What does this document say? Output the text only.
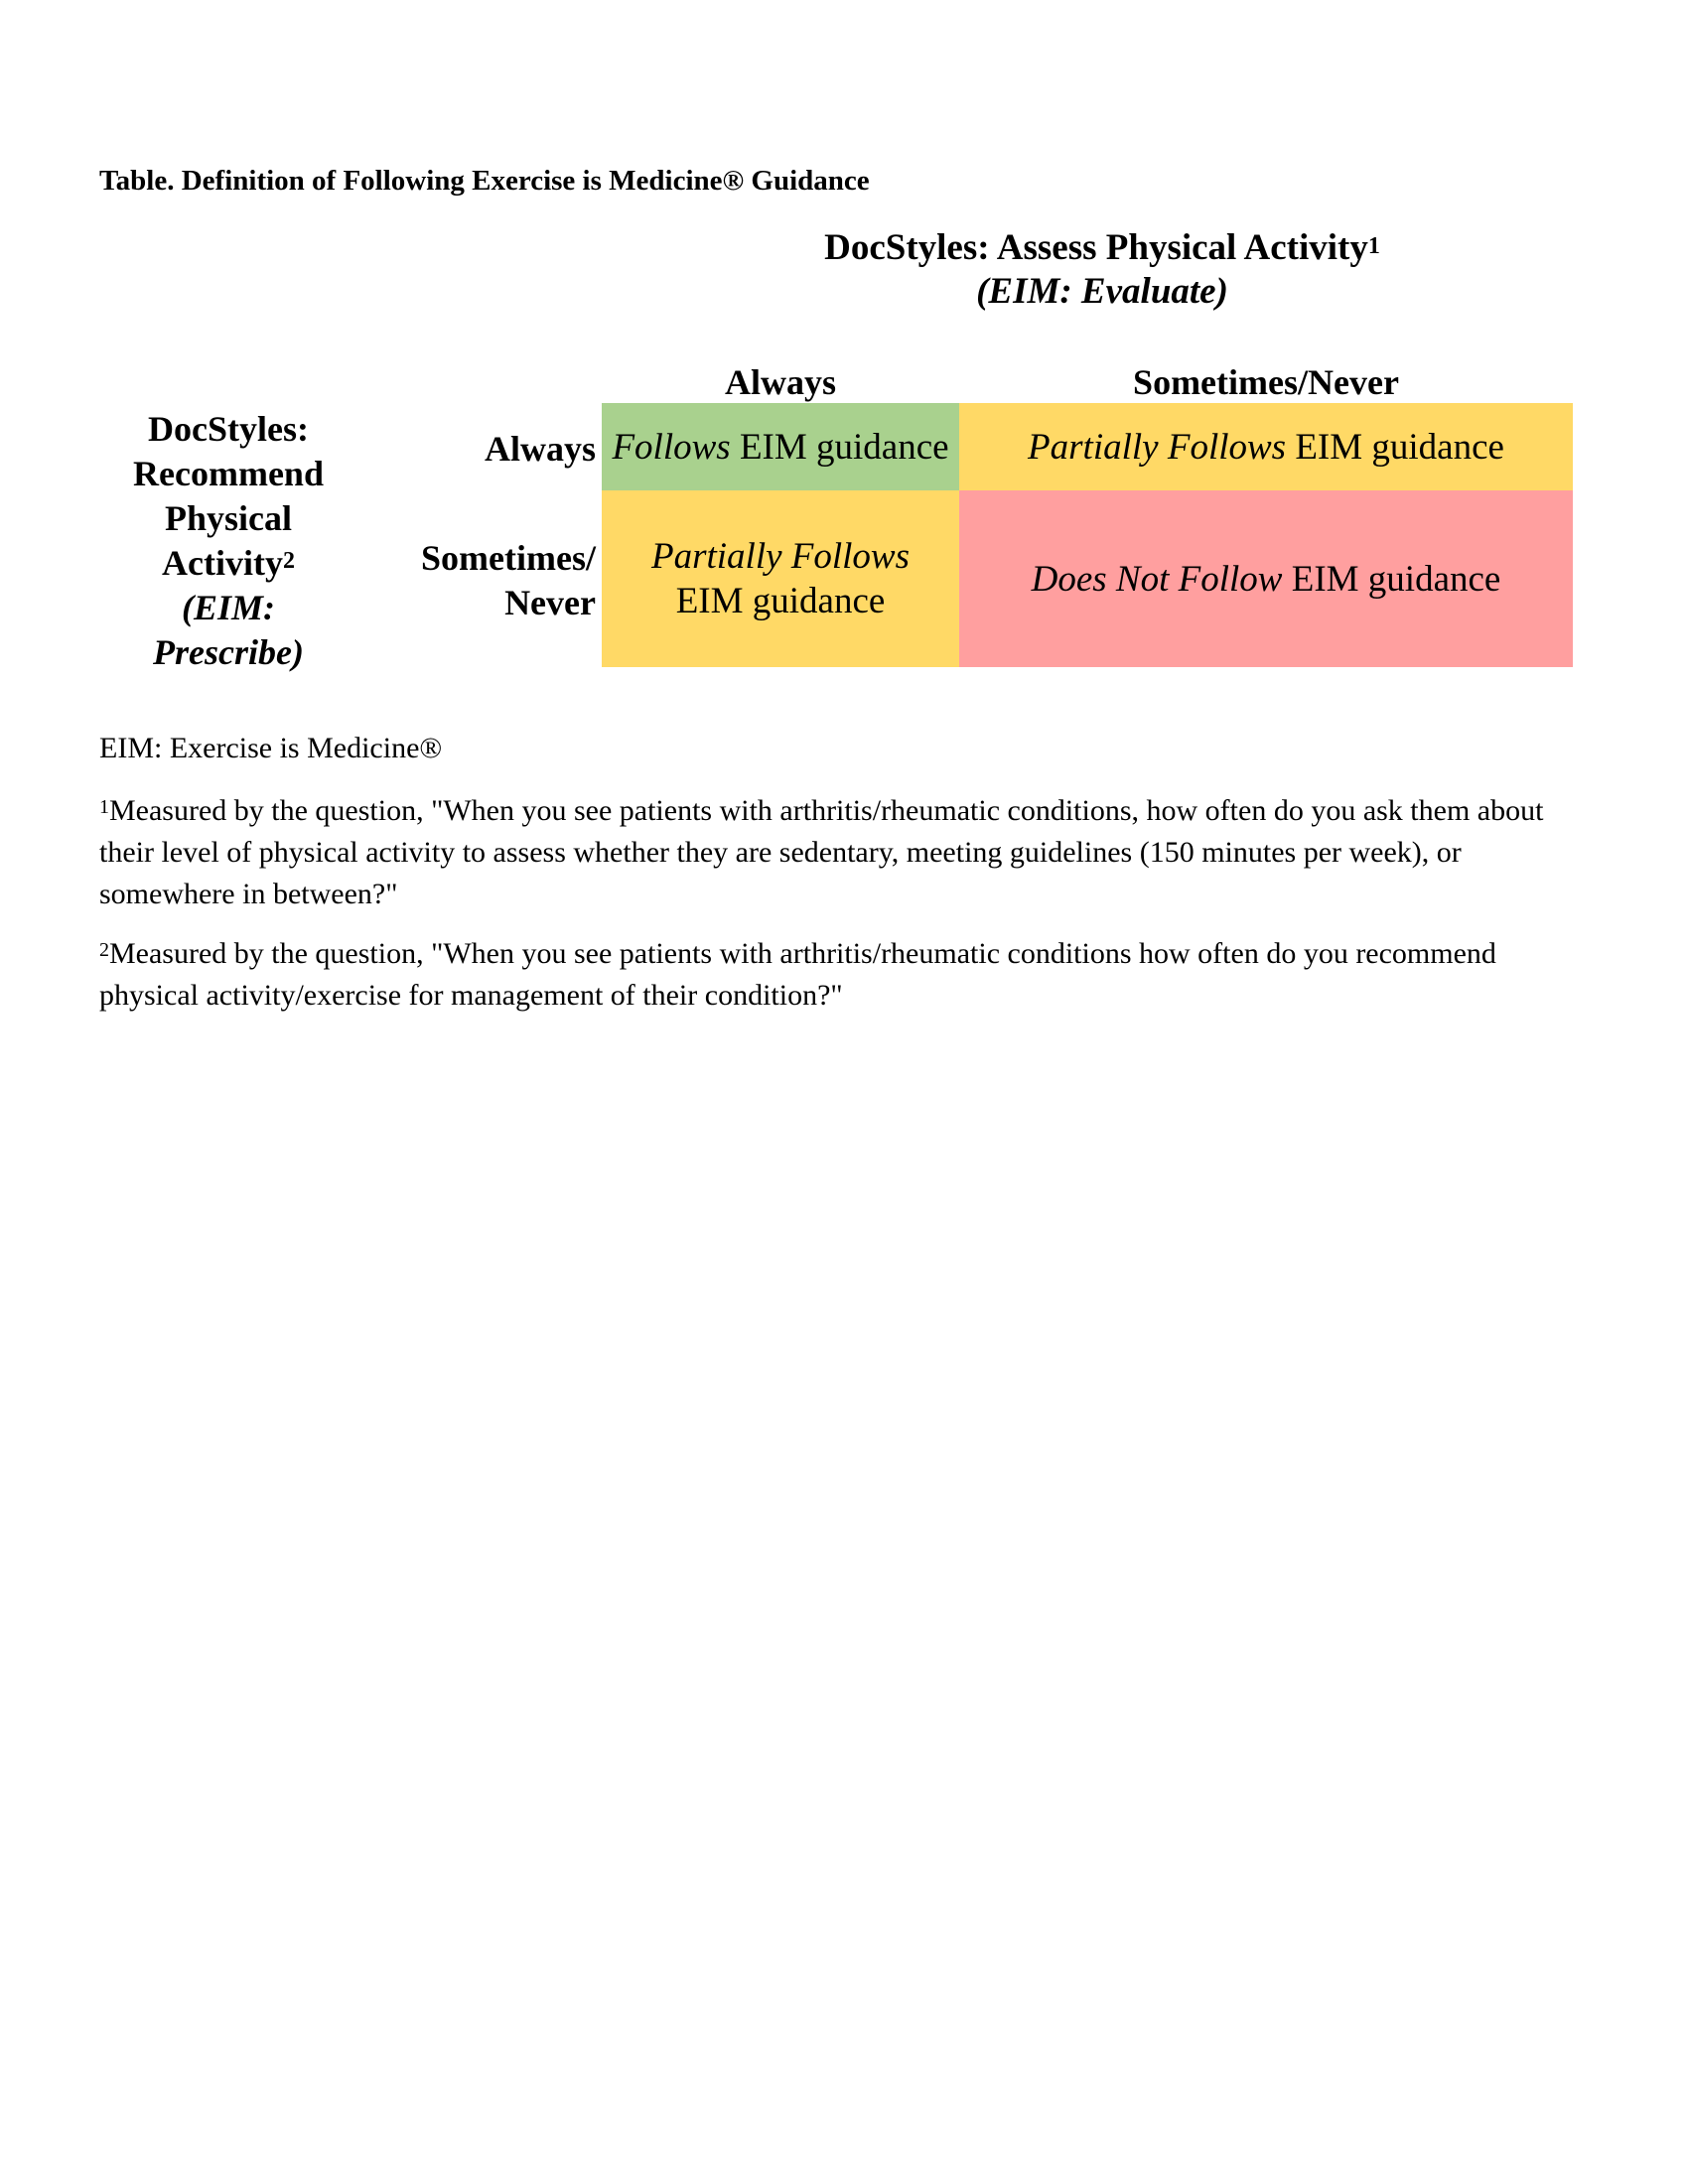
Table. Definition of Following Exercise is Medicine® Guidance
DocStyles: Assess Physical Activity$^1$
(EIM: Evaluate)
Always	Sometimes/Never
DocStyles:
Recommend
Physical
Activity$^2$
(EIM:
Prescribe)
Always
Sometimes/
Never
Follows EIM guidance Partially Follows EIM guidance
Partially Follows EIM guidance
Does Not Follow EIM guidance
EIM: Exercise is Medicine®
$^1$Measured by the question, "When you see patients with arthritis/rheumatic conditions, how often do you ask them about their level of physical activity to assess whether they are sedentary, meeting guidelines (150 minutes per week), or somewhere in between?"
$^2$Measured by the question, "When you see patients with arthritis/rheumatic conditions how often do you recommend physical activity/exercise for management of their condition?"
